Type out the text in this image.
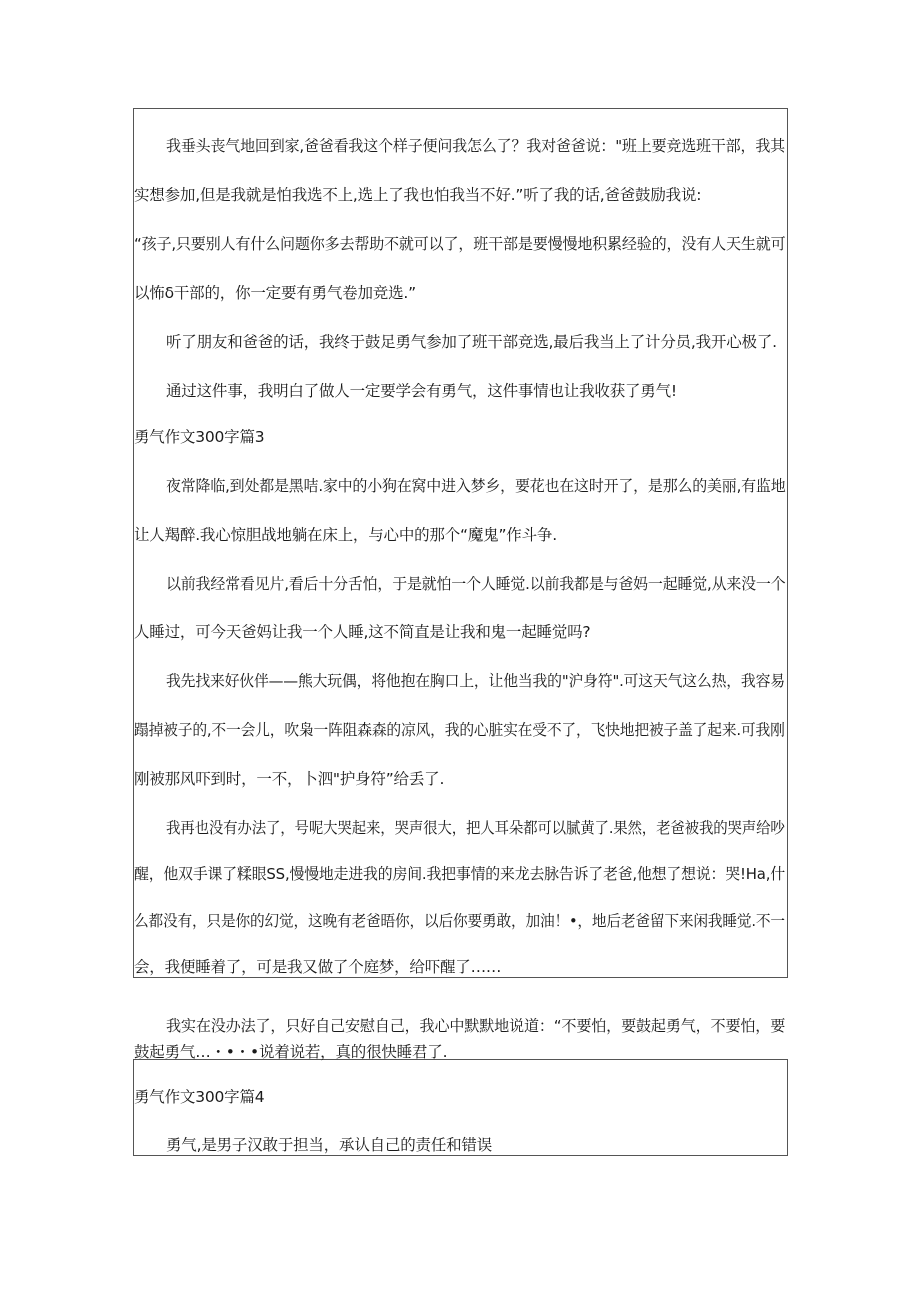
我垂头丧气地回到家,爸爸看我这个样子便问我怎么了？我对爸爸说："班上要竞选班干部，我其
实想参加,但是我就是怕我选不上,选上了我也怕我当不好.”听了我的话,爸爸鼓励我说:
“孩子,只要别人有什么问题你多去帮助不就可以了，班干部是要慢慢地积累经验的，没有人天生就可
以怖δ干部的，你一定要有勇气卷加竞选.”
听了朋友和爸爸的话，我终于鼓足勇气参加了班干部竞选,最后我当上了计分员,我开心极了.
通过这件事，我明白了做人一定要学会有勇气，这件事情也让我收获了勇气!
勇气作文300字篇3
夜常降临,到处都是黑咭.家中的小狗在窝中进入梦乡，要花也在这时开了，是那么的美丽,有监地
让人羯醉.我心惊胆战地躺在床上，与心中的那个“魔鬼”作斗争.
以前我经常看见片,看后十分舌怕，于是就怕一个人睡觉.以前我都是与爸妈一起睡觉,从来没一个
人睡过，可今天爸妈让我一个人睡,这不简直是让我和鬼一起睡觉吗?
我先找来好伙伴——熊大玩偶，将他抱在胸口上，让他当我的"沪身符".可这天气这么热，我容易
蹋掉被子的,不一会儿，吹枭一阵阻森森的凉风，我的心脏实在受不了，飞快地把被子盖了起来.可我刚
刚被那风吓到时，一不，卜泗"护身符”给丢了.
我再也没有办法了，号呢大哭起来，哭声很大，把人耳朵都可以腻黄了.果然，老爸被我的哭声给吵
醒，他双手课了糅眼SS,慢慢地走进我的房间.我把事情的来龙去脉告诉了老爸,他想了想说：哭!Ha,什
么都没有，只是你的幻觉，这晚有老爸晤你，以后你要勇敢，加油！•，地后老爸留下来闲我睡觉.不一
会，我便睡着了，可是我又做了个庭梦，给吓醒了……
我实在没办法了，只好自己安慰自己，我心中默默地说道：“不要怕，要鼓起勇气，不要怕，要
鼓起勇气…・•・•说着说若，真的很快睡君了.
勇气作文300字篇4
勇气,是男子汉敢于担当，承认自己的责任和错误
